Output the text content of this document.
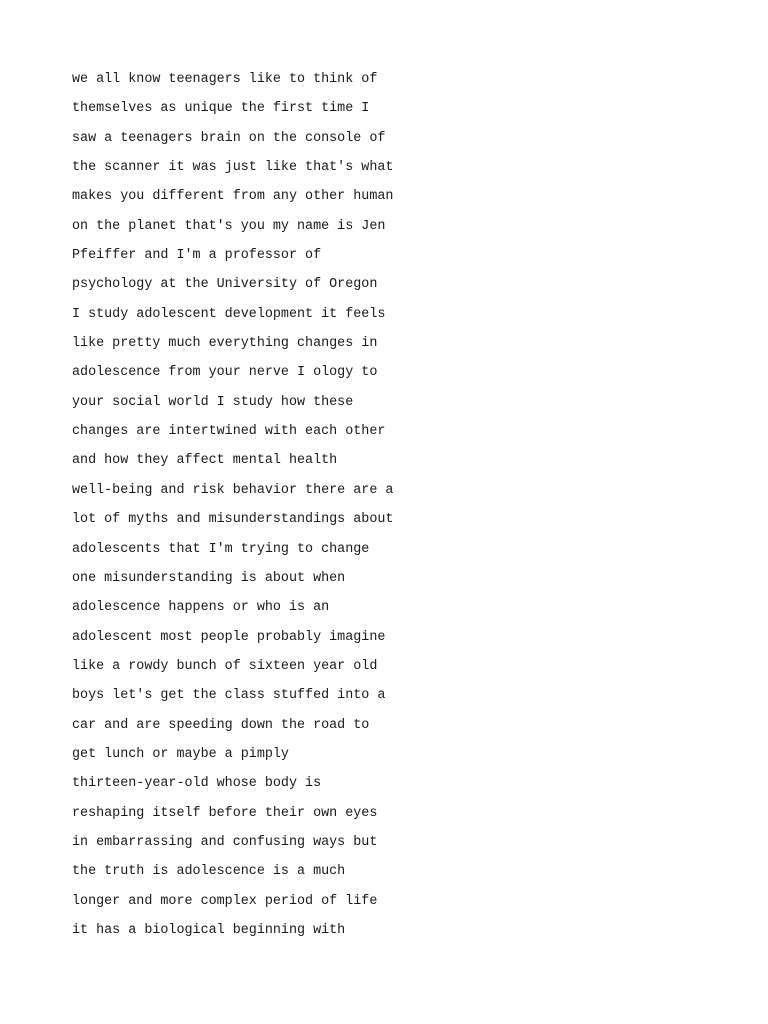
we all know teenagers like to think of

themselves as unique the first time I

saw a teenagers brain on the console of

the scanner it was just like that's what

makes you different from any other human

on the planet that's you my name is Jen

Pfeiffer and I'm a professor of

psychology at the University of Oregon

I study adolescent development it feels

like pretty much everything changes in

adolescence from your nerve I ology to

your social world I study how these

changes are intertwined with each other

and how they affect mental health

well-being and risk behavior there are a

lot of myths and misunderstandings about

adolescents that I'm trying to change

one misunderstanding is about when

adolescence happens or who is an

adolescent most people probably imagine

like a rowdy bunch of sixteen year old

boys let's get the class stuffed into a

car and are speeding down the road to

get lunch or maybe a pimply

thirteen-year-old whose body is

reshaping itself before their own eyes

in embarrassing and confusing ways but

the truth is adolescence is a much

longer and more complex period of life

it has a biological beginning with
